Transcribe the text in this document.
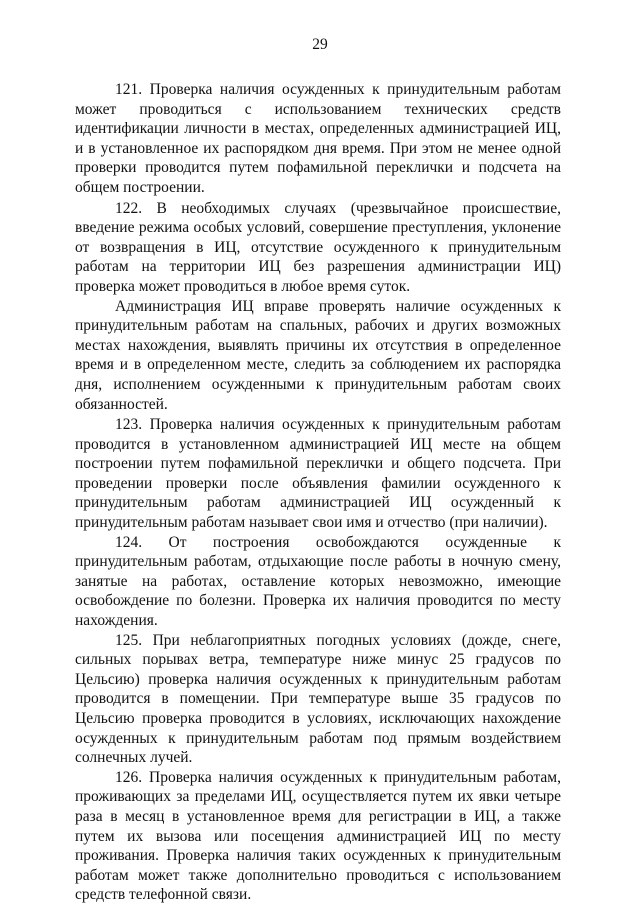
29

121. Проверка наличия осужденных к принудительным работам может проводиться с использованием технических средств идентификации личности в местах, определенных администрацией ИЦ, и в установленное их распорядком дня время. При этом не менее одной проверки проводится путем пофамильной переклички и подсчета на общем построении.

122. В необходимых случаях (чрезвычайное происшествие, введение режима особых условий, совершение преступления, уклонение от возвращения в ИЦ, отсутствие осужденного к принудительным работам на территории ИЦ без разрешения администрации ИЦ) проверка может проводиться в любое время суток.

Администрация ИЦ вправе проверять наличие осужденных к принудительным работам на спальных, рабочих и других возможных местах нахождения, выявлять причины их отсутствия в определенное время и в определенном месте, следить за соблюдением их распорядка дня, исполнением осужденными к принудительным работам своих обязанностей.

123. Проверка наличия осужденных к принудительным работам проводится в установленном администрацией ИЦ месте на общем построении путем пофамильной переклички и общего подсчета. При проведении проверки после объявления фамилии осужденного к принудительным работам администрацией ИЦ осужденный к принудительным работам называет свои имя и отчество (при наличии).

124. От построения освобождаются осужденные к принудительным работам, отдыхающие после работы в ночную смену, занятые на работах, оставление которых невозможно, имеющие освобождение по болезни. Проверка их наличия проводится по месту нахождения.

125. При неблагоприятных погодных условиях (дожде, снеге, сильных порывах ветра, температуре ниже минус 25 градусов по Цельсию) проверка наличия осужденных к принудительным работам проводится в помещении. При температуре выше 35 градусов по Цельсию проверка проводится в условиях, исключающих нахождение осужденных к принудительным работам под прямым воздействием солнечных лучей.

126. Проверка наличия осужденных к принудительным работам, проживающих за пределами ИЦ, осуществляется путем их явки четыре раза в месяц в установленное время для регистрации в ИЦ, а также путем их вызова или посещения администрацией ИЦ по месту проживания. Проверка наличия таких осужденных к принудительным работам может также дополнительно проводиться с использованием средств телефонной связи.
